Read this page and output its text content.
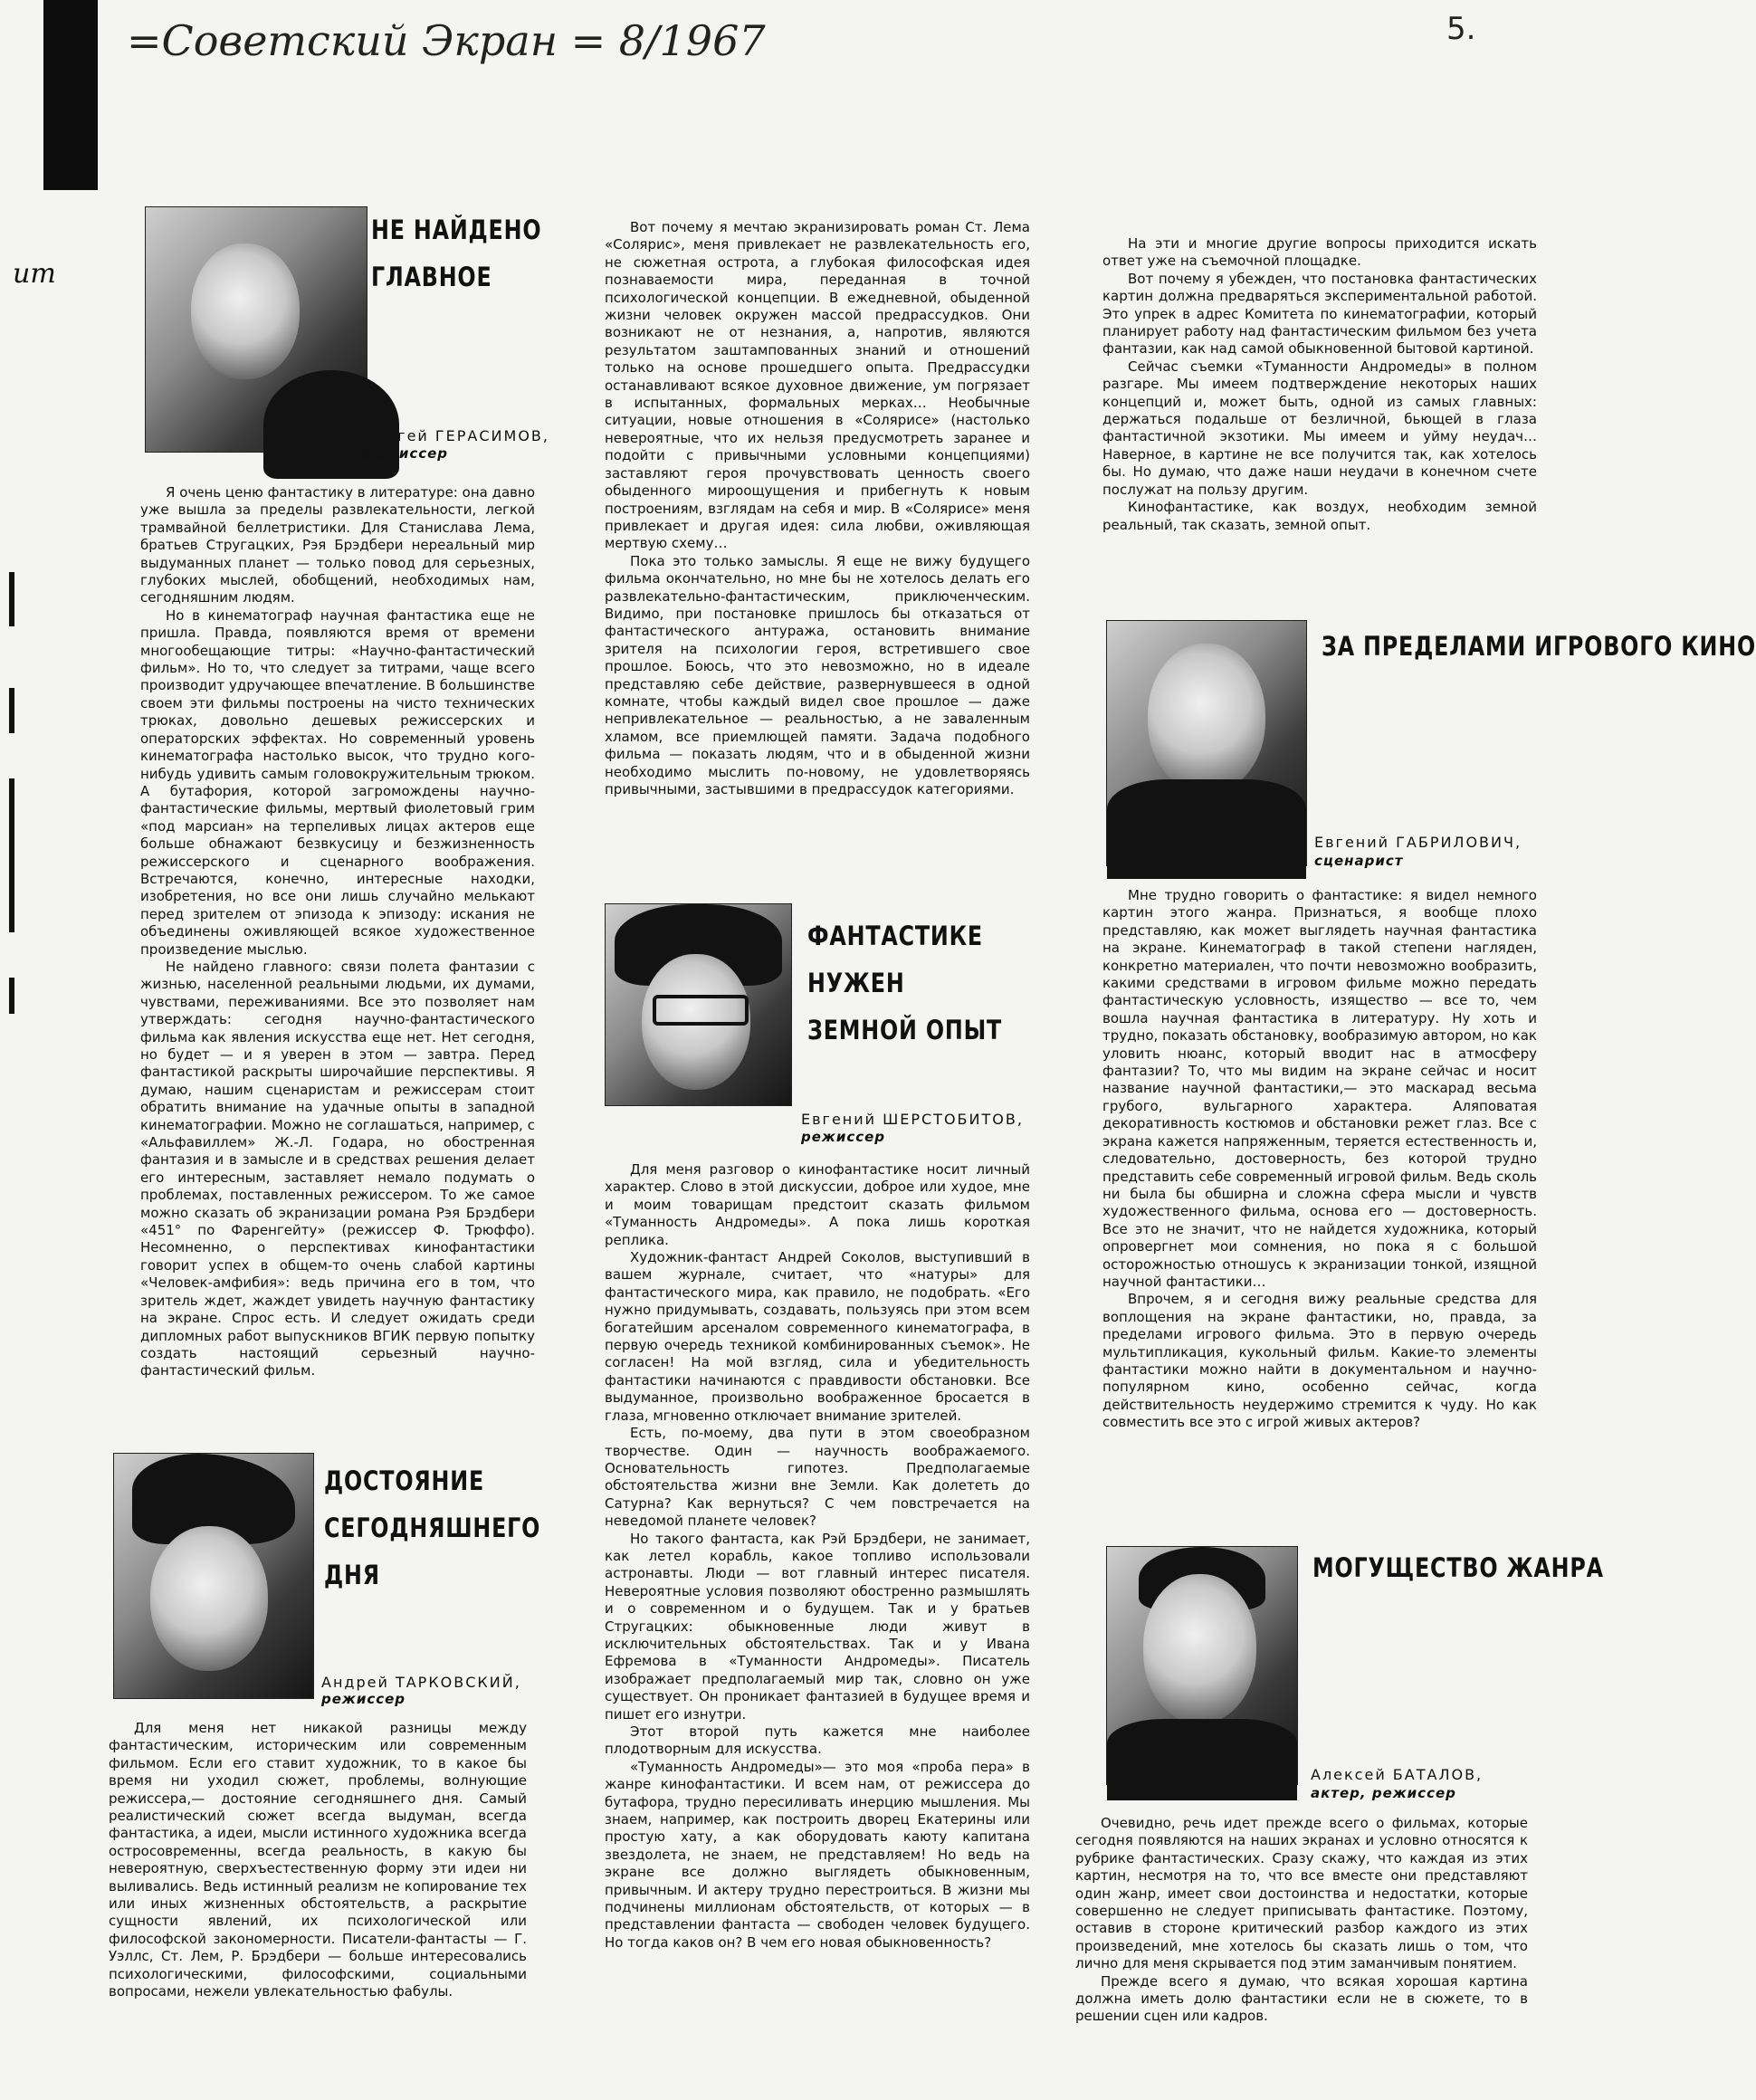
=Советский Экран = 8/1967	5.
ит
НЕ НАЙДЕНО
ГЛАВНОЕ
Сергей ГЕРАСИМОВ,
режиссер

Я очень ценю фантастику в литературе: она давно уже вышла за пределы развлекательности, легкой трамвайной беллетристики. Для Станислава Лема, братьев Стругацких, Рэя Брэдбери нереальный мир выдуманных планет — только повод для серьезных, глубоких мыслей, обобщений, необходимых нам, сегодняшним людям.

Но в кинематограф научная фантастика еще не пришла. Правда, появляются время от времени многообещающие титры: «Научно-фантастический фильм». Но то, что следует за титрами, чаще всего производит удручающее впечатление. В большинстве своем эти фильмы построены на чисто технических трюках, довольно дешевых режиссерских и операторских эффектах. Но современный уровень кинематографа настолько высок, что трудно кого-нибудь удивить самым головокружительным трюком. А бутафория, которой загромождены научно-фантастические фильмы, мертвый фиолетовый грим «под марсиан» на терпеливых лицах актеров еще больше обнажают безвкусицу и безжизненность режиссерского и сценарного воображения. Встречаются, конечно, интересные находки, изобретения, но все они лишь случайно мелькают перед зрителем от эпизода к эпизоду: искания не объединены оживляющей всякое художественное произведение мыслью.

Не найдено главного: связи полета фантазии с жизнью, населенной реальными людьми, их думами, чувствами, переживаниями. Все это позволяет нам утверждать: сегодня научно-фантастического фильма как явления искусства еще нет. Нет сегодня, но будет — и я уверен в этом — завтра. Перед фантастикой раскрыты широчайшие перспективы. Я думаю, нашим сценаристам и режиссерам стоит обратить внимание на удачные опыты в западной кинематографии. Можно не соглашаться, например, с «Альфавиллем» Ж.-Л. Годара, но обостренная фантазия и в замысле и в средствах решения делает его интересным, заставляет немало подумать о проблемах, поставленных режиссером. То же самое можно сказать об экранизации романа Рэя Брэдбери «451° по Фаренгейту» (режиссер Ф. Трюффо). Несомненно, о перспективах кинофантастики говорит успех в общем-то очень слабой картины «Человек-амфибия»: ведь причина его в том, что зритель ждет, жаждет увидеть научную фантастику на экране. Спрос есть. И следует ожидать среди дипломных работ выпускников ВГИК первую попытку создать настоящий серьезный научно-фантастический фильм.

ДОСТОЯНИЕ
СЕГОДНЯШНЕГО
ДНЯ
Андрей ТАРКОВСКИЙ,
режиссер

Для меня нет никакой разницы между фантастическим, историческим или современным фильмом. Если его ставит художник, то в какое бы время ни уходил сюжет, проблемы, волнующие режиссера,— достояние сегодняшнего дня. Самый реалистический сюжет всегда выдуман, всегда фантастика, а идеи, мысли истинного художника всегда остросовременны, всегда реальность, в какую бы невероятную, сверхъестественную форму эти идеи ни выливались. Ведь истинный реализм не копирование тех или иных жизненных обстоятельств, а раскрытие сущности явлений, их психологической или философской закономерности. Писатели-фантасты — Г. Уэллс, Ст. Лем, Р. Брэдбери — больше интересовались психологическими, философскими, социальными вопросами, нежели увлекательностью фабулы.

Вот почему я мечтаю экранизировать роман Ст. Лема «Солярис», меня привлекает не развлекательность его, не сюжетная острота, а глубокая философская идея познаваемости мира, переданная в точной психологической концепции. В ежедневной, обыденной жизни человек окружен массой предрассудков. Они возникают не от незнания, а, напротив, являются результатом заштампованных знаний и отношений только на основе прошедшего опыта. Предрассудки останавливают всякое духовное движение, ум погрязает в испытанных, формальных мерках… Необычные ситуации, новые отношения в «Солярисе» (настолько невероятные, что их нельзя предусмотреть заранее и подойти с привычными условными концепциями) заставляют героя прочувствовать ценность своего обыденного мироощущения и прибегнуть к новым построениям, взглядам на себя и мир. В «Солярисе» меня привлекает и другая идея: сила любви, оживляющая мертвую схему…

Пока это только замыслы. Я еще не вижу будущего фильма окончательно, но мне бы не хотелось делать его развлекательно-фантастическим, приключенческим. Видимо, при постановке пришлось бы отказаться от фантастического антуража, остановить внимание зрителя на психологии героя, встретившего свое прошлое. Боюсь, что это невозможно, но в идеале представляю себе действие, развернувшееся в одной комнате, чтобы каждый видел свое прошлое — даже непривлекательное — реальностью, а не заваленным хламом, все приемлющей памяти. Задача подобного фильма — показать людям, что и в обыденной жизни необходимо мыслить по-новому, не удовлетворяясь привычными, застывшими в предрассудок категориями.

ФАНТАСТИКЕ
НУЖЕН
ЗЕМНОЙ ОПЫТ
Евгений ШЕРСТОБИТОВ,
режиссер

Для меня разговор о кинофантастике носит личный характер. Слово в этой дискуссии, доброе или худое, мне и моим товарищам предстоит сказать фильмом «Туманность Андромеды». А пока лишь короткая реплика.

Художник-фантаст Андрей Соколов, выступивший в вашем журнале, считает, что «натуры» для фантастического мира, как правило, не подобрать. «Его нужно придумывать, создавать, пользуясь при этом всем богатейшим арсеналом современного кинематографа, в первую очередь техникой комбинированных съемок». Не согласен! На мой взгляд, сила и убедительность фантастики начинаются с правдивости обстановки. Все выдуманное, произвольно воображенное бросается в глаза, мгновенно отключает внимание зрителей.

Есть, по-моему, два пути в этом своеобразном творчестве. Один — научность воображаемого. Основательность гипотез. Предполагаемые обстоятельства жизни вне Земли. Как долететь до Сатурна? Как вернуться? С чем повстречается на неведомой планете человек?

Но такого фантаста, как Рэй Брэдбери, не занимает, как летел корабль, какое топливо использовали астронавты. Люди — вот главный интерес писателя. Невероятные условия позволяют обостренно размышлять и о современном и о будущем. Так и у братьев Стругацких: обыкновенные люди живут в исключительных обстоятельствах. Так и у Ивана Ефремова в «Туманности Андромеды». Писатель изображает предполагаемый мир так, словно он уже существует. Он проникает фантазией в будущее время и пишет его изнутри.

Этот второй путь кажется мне наиболее плодотворным для искусства.

«Туманность Андромеды»— это моя «проба пера» в жанре кинофантастики. И всем нам, от режиссера до бутафора, трудно пересиливать инерцию мышления. Мы знаем, например, как построить дворец Екатерины или простую хату, а как оборудовать каюту капитана звездолета, не знаем, не представляем! Но ведь на экране все должно выглядеть обыкновенным, привычным. И актеру трудно перестроиться. В жизни мы подчинены миллионам обстоятельств, от которых — в представлении фантаста — свободен человек будущего. Но тогда каков он? В чем его новая обыкновенность?

На эти и многие другие вопросы приходится искать ответ уже на съемочной площадке.

Вот почему я убежден, что постановка фантастических картин должна предваряться экспериментальной работой. Это упрек в адрес Комитета по кинематографии, который планирует работу над фантастическим фильмом без учета фантазии, как над самой обыкновенной бытовой картиной.

Сейчас съемки «Туманности Андромеды» в полном разгаре. Мы имеем подтверждение некоторых наших концепций и, может быть, одной из самых главных: держаться подальше от безличной, бьющей в глаза фантастичной экзотики. Мы имеем и уйму неудач… Наверное, в картине не все получится так, как хотелось бы. Но думаю, что даже наши неудачи в конечном счете послужат на пользу другим.

Кинофантастике, как воздух, необходим земной реальный, так сказать, земной опыт.

ЗА ПРЕДЕЛАМИ ИГРОВОГО КИНО
Евгений ГАБРИЛОВИЧ,
сценарист

Мне трудно говорить о фантастике: я видел немного картин этого жанра. Признаться, я вообще плохо представляю, как может выглядеть научная фантастика на экране. Кинематограф в такой степени нагляден, конкретно материален, что почти невозможно вообразить, какими средствами в игровом фильме можно передать фантастическую условность, изящество — все то, чем вошла научная фантастика в литературу. Ну хоть и трудно, показать обстановку, вообразимую автором, но как уловить нюанс, который вводит нас в атмосферу фантазии? То, что мы видим на экране сейчас и носит название научной фантастики,— это маскарад весьма грубого, вульгарного характера. Аляповатая декоративность костюмов и обстановки режет глаз. Все с экрана кажется напряженным, теряется естественность и, следовательно, достоверность, без которой трудно представить себе современный игровой фильм. Ведь сколь ни была бы обширна и сложна сфера мысли и чувств художественного фильма, основа его — достоверность. Все это не значит, что не найдется художника, который опровергнет мои сомнения, но пока я с большой осторожностью отношусь к экранизации тонкой, изящной научной фантастики…

Впрочем, я и сегодня вижу реальные средства для воплощения на экране фантастики, но, правда, за пределами игрового фильма. Это в первую очередь мультипликация, кукольный фильм. Какие-то элементы фантастики можно найти в документальном и научно-популярном кино, особенно сейчас, когда действительность неудержимо стремится к чуду. Но как совместить все это с игрой живых актеров?

МОГУЩЕСТВО ЖАНРА
Алексей БАТАЛОВ,
актер, режиссер

Очевидно, речь идет прежде всего о фильмах, которые сегодня появляются на наших экранах и условно относятся к рубрике фантастических. Сразу скажу, что каждая из этих картин, несмотря на то, что все вместе они представляют один жанр, имеет свои достоинства и недостатки, которые совершенно не следует приписывать фантастике. Поэтому, оставив в стороне критический разбор каждого из этих произведений, мне хотелось бы сказать лишь о том, что лично для меня скрывается под этим заманчивым понятием.

Прежде всего я думаю, что всякая хорошая картина должна иметь долю фантастики если не в сюжете, то в решении сцен или кадров.
